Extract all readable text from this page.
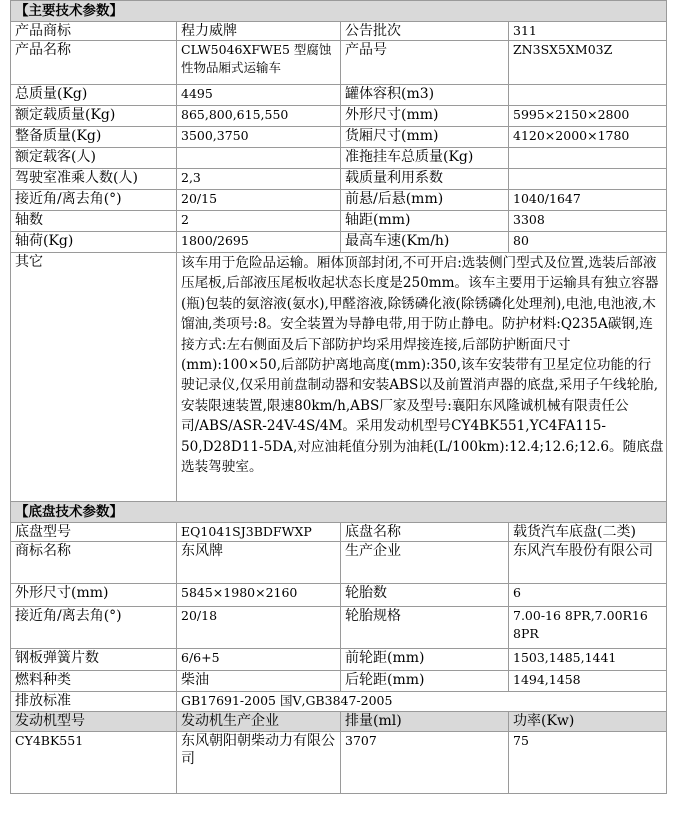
【主要技术参数】			
产品商标	程力威牌	公告批次	311
产品名称	CLW5046XFWE5 型腐蚀性物品厢式运输车	产品号	ZN3SX5XM03Z
总质量(Kg)	4495	罐体容积(m3)	
额定载质量(Kg)	865,800,615,550	外形尺寸(mm)	5995×2150×2800
整备质量(Kg)	3500,3750	货厢尺寸(mm)	4120×2000×1780
额定载客(人)		准拖挂车总质量(Kg)	
驾驶室准乘人数(人)	2,3	载质量利用系数	
接近角/离去角(°)	20/15	前悬/后悬(mm)	1040/1647
轴数	2	轴距(mm)	3308
轴荷(Kg)	1800/2695	最高车速(Km/h)	80
其它	该车用于危险品运输。厢体顶部封闭,不可开启:选装侧门型式及位置,选装后部液压尾板,后部液压尾板收起状态长度是250mm。该车主要用于运输具有独立容器(瓶)包装的氨溶液(氨水),甲醛溶液,除锈磷化液(除锈磷化处理剂),电池,电池液,木馏油,类项号:8。安全装置为导静电带,用于防止静电。防护材料:Q235A碳钢,连接方式:左右侧面及后下部防护均采用焊接连接,后部防护断面尺寸(mm):100×50,后部防护离地高度(mm):350,该车安装带有卫星定位功能的行驶记录仪,仅采用前盘制动器和安装ABS以及前置消声器的底盘,采用子午线轮胎,安装限速装置,限速80km/h,ABS厂家及型号:襄阳东风隆诚机械有限责任公司/ABS/ASR-24V-4S/4M。采用发动机型号CY4BK551,YC4FA115-50,D28D11-5DA,对应油耗值分别为油耗(L/100km):12.4;12.6;12.6。随底盘选装驾驶室。		
【底盘技术参数】			
底盘型号	EQ1041SJ3BDFWXP	底盘名称	载货汽车底盘(二类)
商标名称	东风牌	生产企业	东风汽车股份有限公司
外形尺寸(mm)	5845×1980×2160	轮胎数	6
接近角/离去角(°)	20/18	轮胎规格	7.00-16 8PR,7.00R16 8PR
钢板弹簧片数	6/6+5	前轮距(mm)	1503,1485,1441
燃料种类	柴油	后轮距(mm)	1494,1458
排放标准	GB17691-2005 国Ⅴ,GB3847-2005		
发动机型号	发动机生产企业	排量(ml)	功率(Kw)
CY4BK551	东风朝阳朝柴动力有限公司	3707	75
